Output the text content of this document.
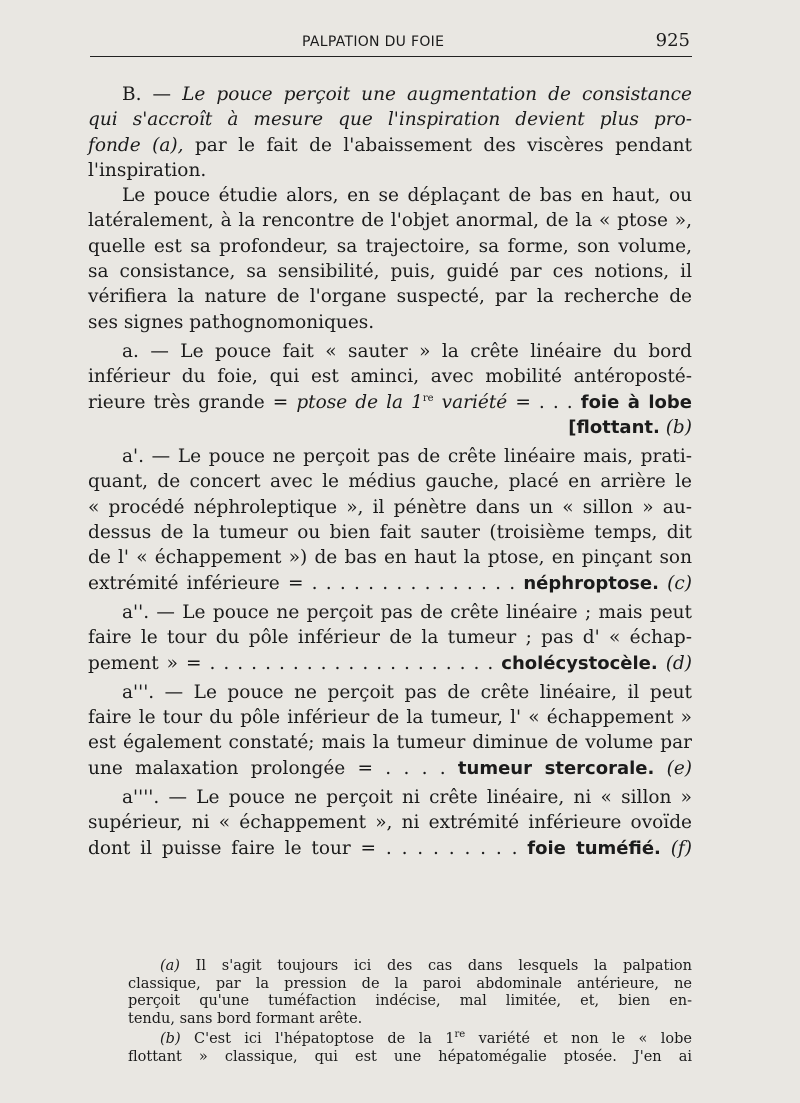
PALPATION DU FOIE	925
B. — Le pouce perçoit une augmentation de consistance
qui s'accroît à mesure que l'inspiration devient plus pro-
fonde (a), par le fait de l'abaissement des viscères pendant
l'inspiration.
Le pouce étudie alors, en se déplaçant de bas en haut, ou
latéralement, à la rencontre de l'objet anormal, de la « ptose »,
quelle est sa profondeur, sa trajectoire, sa forme, son volume,
sa consistance, sa sensibilité, puis, guidé par ces notions, il
vérifiera la nature de l'organe suspecté, par la recherche de
ses signes pathognomoniques.
a. — Le pouce fait « sauter » la crête linéaire du bord
inférieur du foie, qui est aminci, avec mobilité antéroposté-
rieure très grande = ptose de la 1re variété = . . . foie à lobe
[flottant. (b)
a'. — Le pouce ne perçoit pas de crête linéaire mais, prati-
quant, de concert avec le médius gauche, placé en arrière le
« procédé néphroleptique », il pénètre dans un « sillon » au-
dessus de la tumeur ou bien fait sauter (troisième temps, dit
de l' « échappement ») de bas en haut la ptose, en pinçant son
extrémité inférieure = . . . . . . . . . . . . . . . néphroptose. (c)
a''. — Le pouce ne perçoit pas de crête linéaire ; mais peut
faire le tour du pôle inférieur de la tumeur ; pas d' « échap-
pement » = . . . . . . . . . . . . . . . . . . . . . cholécystocèle. (d)
a'''. — Le pouce ne perçoit pas de crête linéaire, il peut
faire le tour du pôle inférieur de la tumeur, l' « échappement »
est également constaté; mais la tumeur diminue de volume par
une malaxation prolongée = . . . . tumeur stercorale. (e)
a''''. — Le pouce ne perçoit ni crête linéaire, ni « sillon »
supérieur, ni « échappement », ni extrémité inférieure ovoïde
dont il puisse faire le tour = . . . . . . . . . foie tuméfié. (f)
(a) Il s'agit toujours ici des cas dans lesquels la palpation
classique, par la pression de la paroi abdominale antérieure, ne
perçoit qu'une tuméfaction indécise, mal limitée, et, bien en-
tendu, sans bord formant arête.
(b) C'est ici l'hépatoptose de la 1re variété et non le « lobe
flottant » classique, qui est une hépatomégalie ptosée. J'en ai
